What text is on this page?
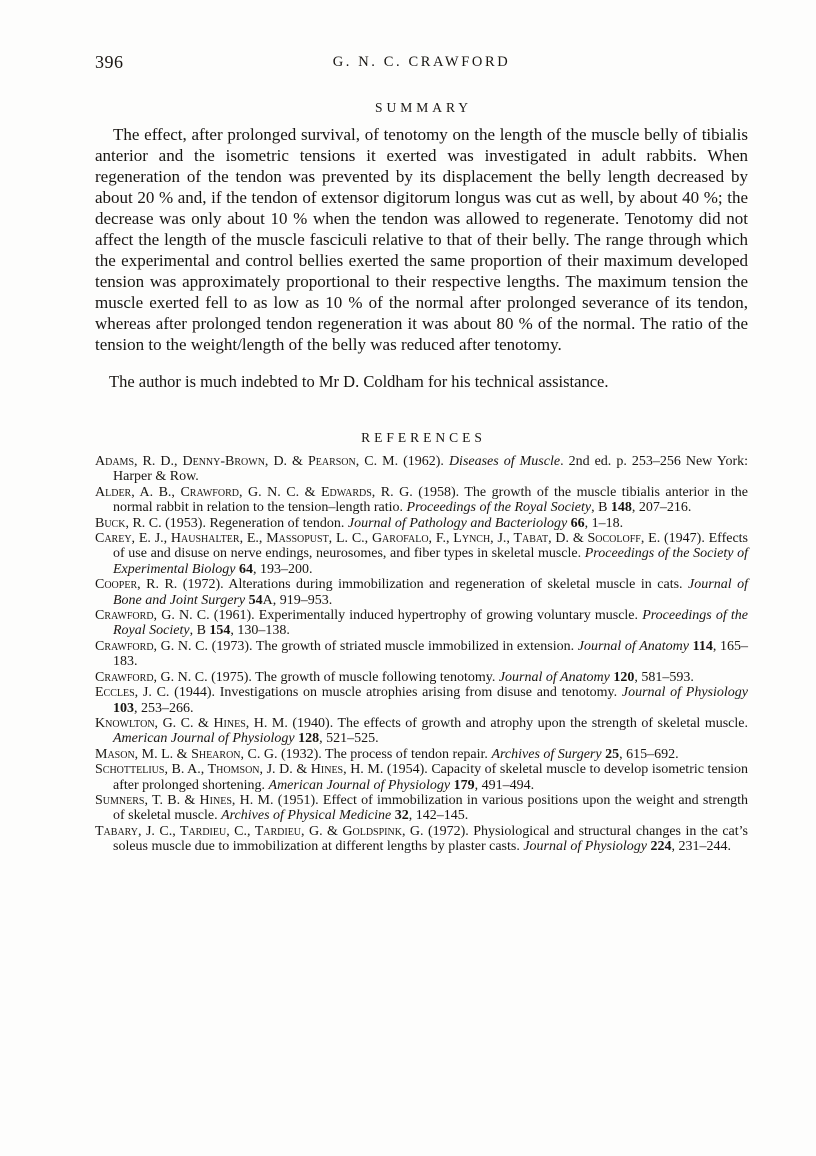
396	G. N. C. CRAWFORD
SUMMARY

The effect, after prolonged survival, of tenotomy on the length of the muscle belly of tibialis anterior and the isometric tensions it exerted was investigated in adult rabbits. When regeneration of the tendon was prevented by its displacement the belly length decreased by about 20 % and, if the tendon of extensor digitorum longus was cut as well, by about 40 %; the decrease was only about 10 % when the tendon was allowed to regenerate. Tenotomy did not affect the length of the muscle fasciculi relative to that of their belly. The range through which the experimental and control bellies exerted the same proportion of their maximum developed tension was approximately proportional to their respective lengths. The maximum tension the muscle exerted fell to as low as 10 % of the normal after prolonged severance of its tendon, whereas after prolonged tendon regeneration it was about 80 % of the normal. The ratio of the tension to the weight/length of the belly was reduced after tenotomy.

The author is much indebted to Mr D. Coldham for his technical assistance.

REFERENCES
Adams, R. D., Denny-Brown, D. & Pearson, C. M. (1962). Diseases of Muscle. 2nd ed. p. 253–256 New York: Harper & Row.
Alder, A. B., Crawford, G. N. C. & Edwards, R. G. (1958). The growth of the muscle tibialis anterior in the normal rabbit in relation to the tension–length ratio. Proceedings of the Royal Society, B 148, 207–216.
Buck, R. C. (1953). Regeneration of tendon. Journal of Pathology and Bacteriology 66, 1–18.
Carey, E. J., Haushalter, E., Massopust, L. C., Garofalo, F., Lynch, J., Tabat, D. & Socoloff, E. (1947). Effects of use and disuse on nerve endings, neurosomes, and fiber types in skeletal muscle. Proceedings of the Society of Experimental Biology 64, 193–200.
Cooper, R. R. (1972). Alterations during immobilization and regeneration of skeletal muscle in cats. Journal of Bone and Joint Surgery 54A, 919–953.
Crawford, G. N. C. (1961). Experimentally induced hypertrophy of growing voluntary muscle. Proceedings of the Royal Society, B 154, 130–138.
Crawford, G. N. C. (1973). The growth of striated muscle immobilized in extension. Journal of Anatomy 114, 165–183.
Crawford, G. N. C. (1975). The growth of muscle following tenotomy. Journal of Anatomy 120, 581–593.
Eccles, J. C. (1944). Investigations on muscle atrophies arising from disuse and tenotomy. Journal of Physiology 103, 253–266.
Knowlton, G. C. & Hines, H. M. (1940). The effects of growth and atrophy upon the strength of skeletal muscle. American Journal of Physiology 128, 521–525.
Mason, M. L. & Shearon, C. G. (1932). The process of tendon repair. Archives of Surgery 25, 615–692.
Schottelius, B. A., Thomson, J. D. & Hines, H. M. (1954). Capacity of skeletal muscle to develop isometric tension after prolonged shortening. American Journal of Physiology 179, 491–494.
Sumners, T. B. & Hines, H. M. (1951). Effect of immobilization in various positions upon the weight and strength of skeletal muscle. Archives of Physical Medicine 32, 142–145.
Tabary, J. C., Tardieu, C., Tardieu, G. & Goldspink, G. (1972). Physiological and structural changes in the cat’s soleus muscle due to immobilization at different lengths by plaster casts. Journal of Physiology 224, 231–244.
